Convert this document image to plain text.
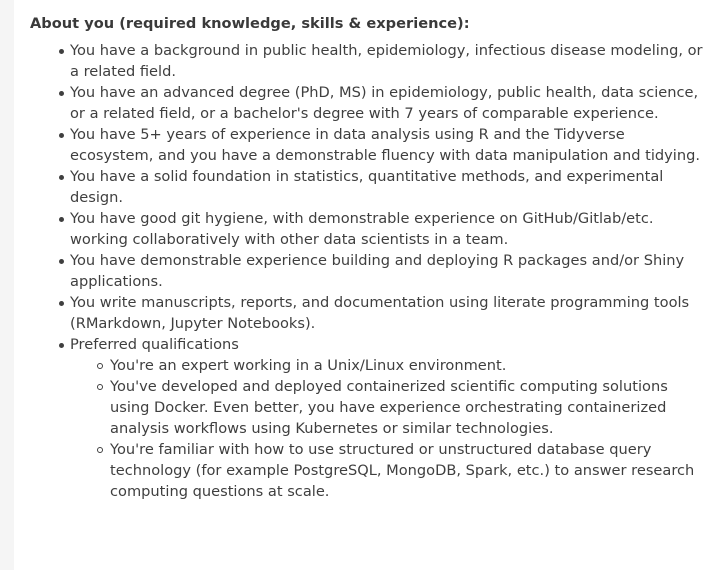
About you (required knowledge, skills & experience):
You have a background in public health, epidemiology, infectious disease modeling, or a related field.
You have an advanced degree (PhD, MS) in epidemiology, public health, data science, or a related field, or a bachelor's degree with 7 years of comparable experience.
You have 5+ years of experience in data analysis using R and the Tidyverse ecosystem, and you have a demonstrable fluency with data manipulation and tidying.
You have a solid foundation in statistics, quantitative methods, and experimental design.
You have good git hygiene, with demonstrable experience on GitHub/Gitlab/etc. working collaboratively with other data scientists in a team.
You have demonstrable experience building and deploying R packages and/or Shiny applications.
You write manuscripts, reports, and documentation using literate programming tools (RMarkdown, Jupyter Notebooks).
Preferred qualifications
You're an expert working in a Unix/Linux environment.
You've developed and deployed containerized scientific computing solutions using Docker. Even better, you have experience orchestrating containerized analysis workflows using Kubernetes or similar technologies.
You're familiar with how to use structured or unstructured database query technology (for example PostgreSQL, MongoDB, Spark, etc.) to answer research computing questions at scale.
